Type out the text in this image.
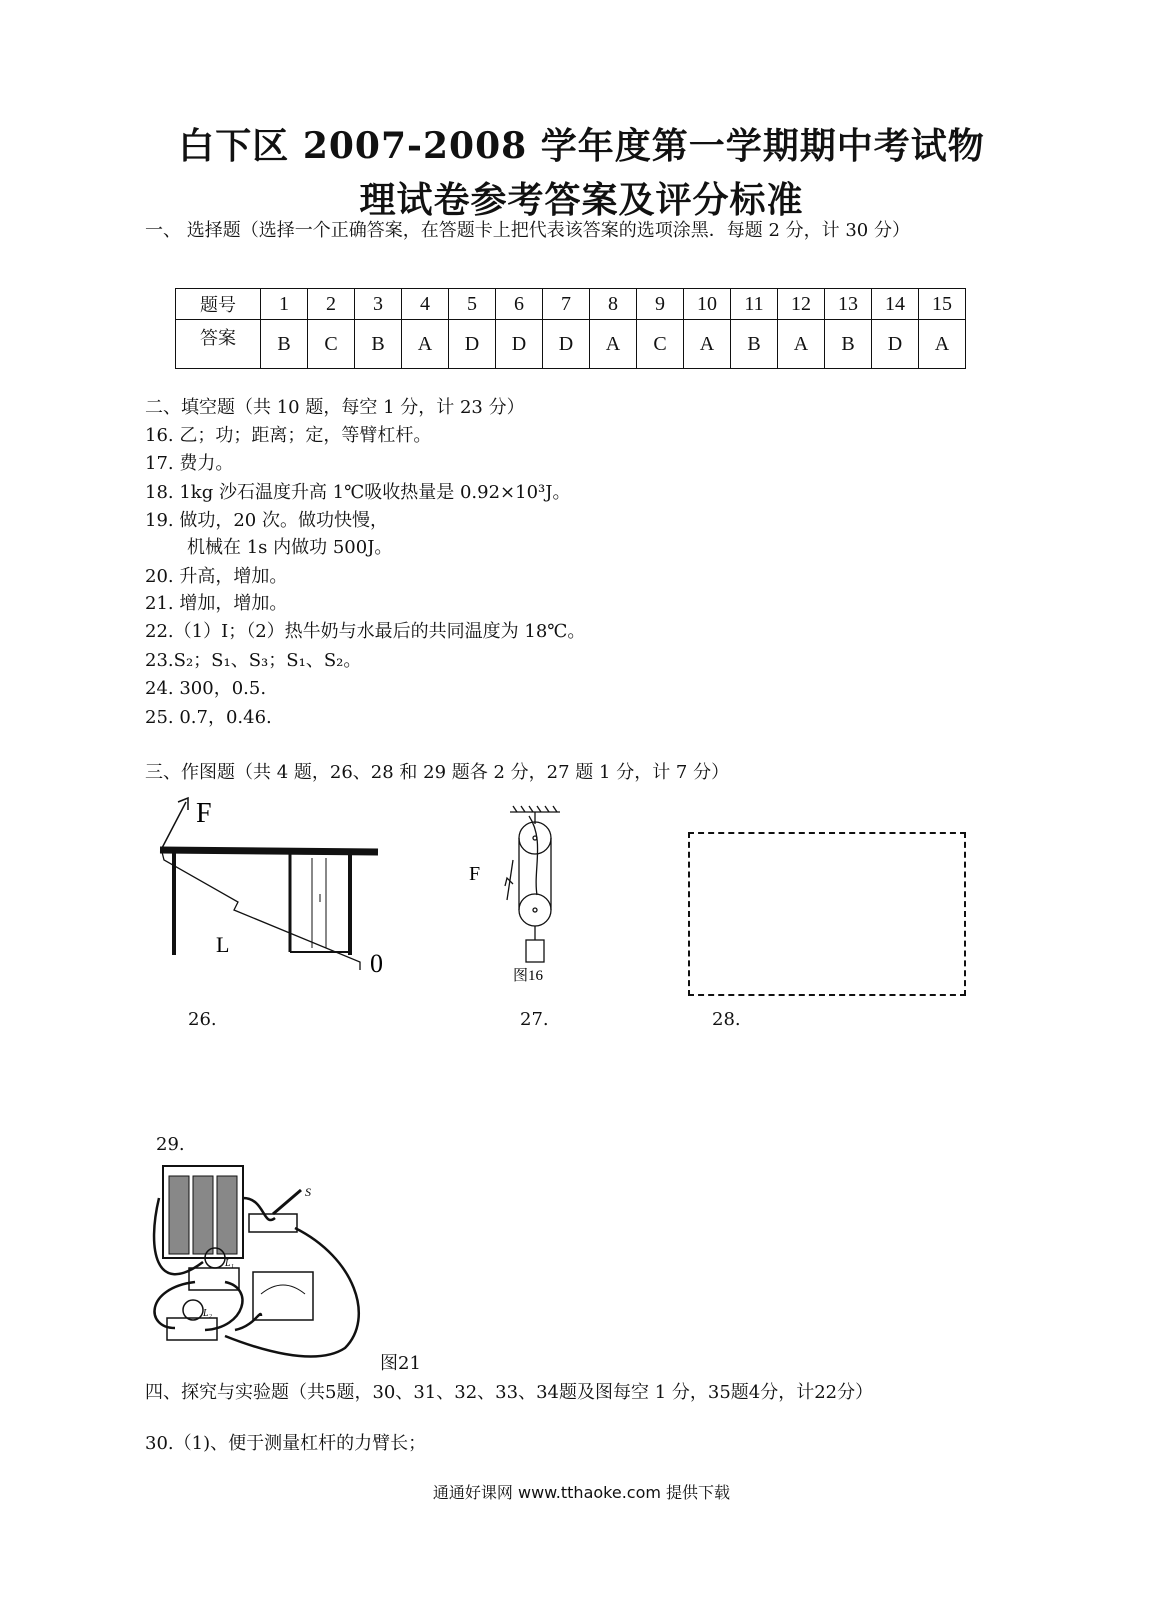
白下区 2007-2008 学年度第一学期期中考试物
理试卷参考答案及评分标准
一、 选择题（选择一个正确答案，在答题卡上把代表该答案的选项涂黑．每题 2 分，计 30 分）
题号	1	2	3	4	5	6	7	8	9	10	11	12	13	14	15
答案	B	C	B	A	D	D	D	A	C	A	B	A	B	D	A
二、填空题（共 10 题，每空 1 分，计 23 分）
16. 乙；功；距离；定，等臂杠杆。
17. 费力。
18. 1kg 沙石温度升高 1℃吸收热量是 0.92×10³J。
19. 做功，20 次。做功快慢，
机械在 1s 内做功 500J。
20. 升高，增加。
21. 增加，增加。
22.（1）I；（2）热牛奶与水最后的共同温度为 18℃。
23.S₂；S₁、S₃；S₁、S₂。
24. 300，0.5.
25. 0.7，0.46.
三、作图题（共 4 题，26、28 和 29 题各 2 分，27 题 1 分，计 7 分）
F
L
0
26.
F
图16
27.	28.
29.
S
L₁
L₂
图21
四、探究与实验题（共5题，30、31、32、33、34题及图每空 1 分，35题4分，计22分）
30.（1)、便于测量杠杆的力臂长；
通通好课网 www.tthaoke.com 提供下载
